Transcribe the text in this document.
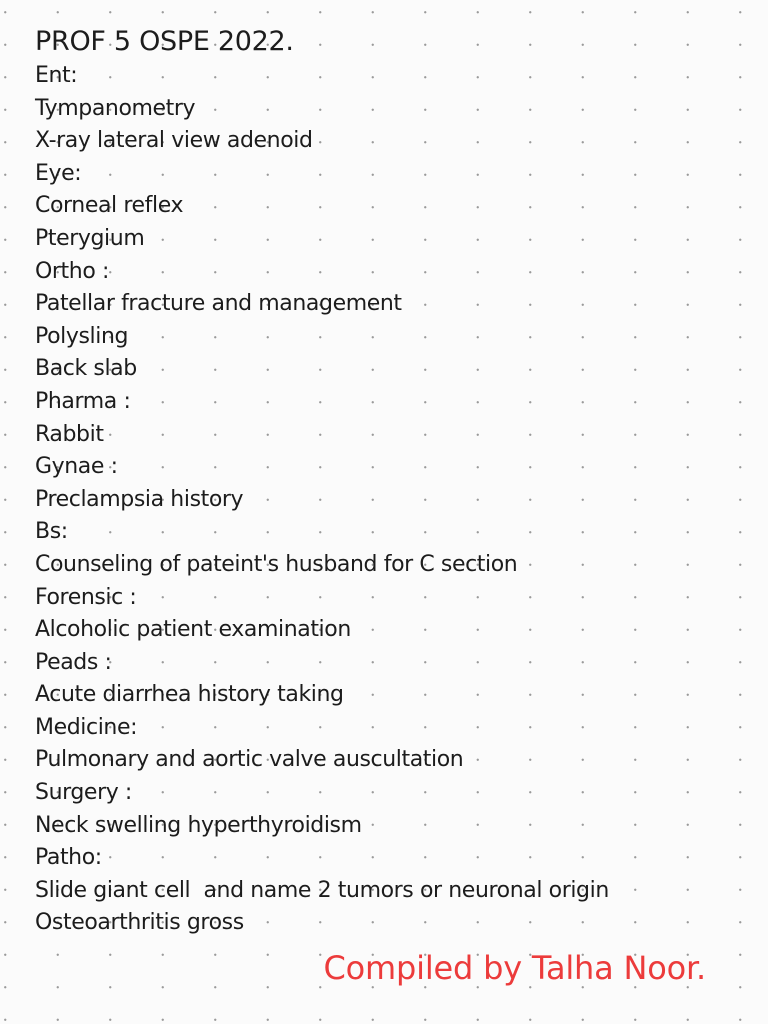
PROF 5 OSPE 2022.
Ent:
Tympanometry
X-ray lateral view adenoid
Eye:
Corneal reflex
Pterygium
Ortho :
Patellar fracture and management
Polysling
Back slab
Pharma :
Rabbit
Gynae :
Preclampsia history
Bs:
Counseling of pateint's husband for C section
Forensic :
Alcoholic patient examination
Peads :
Acute diarrhea history taking
Medicine:
Pulmonary and aortic valve auscultation
Surgery :
Neck swelling hyperthyroidism
Patho:
Slide giant cell  and name 2 tumors or neuronal origin
Osteoarthritis gross
Compiled by Talha Noor.
